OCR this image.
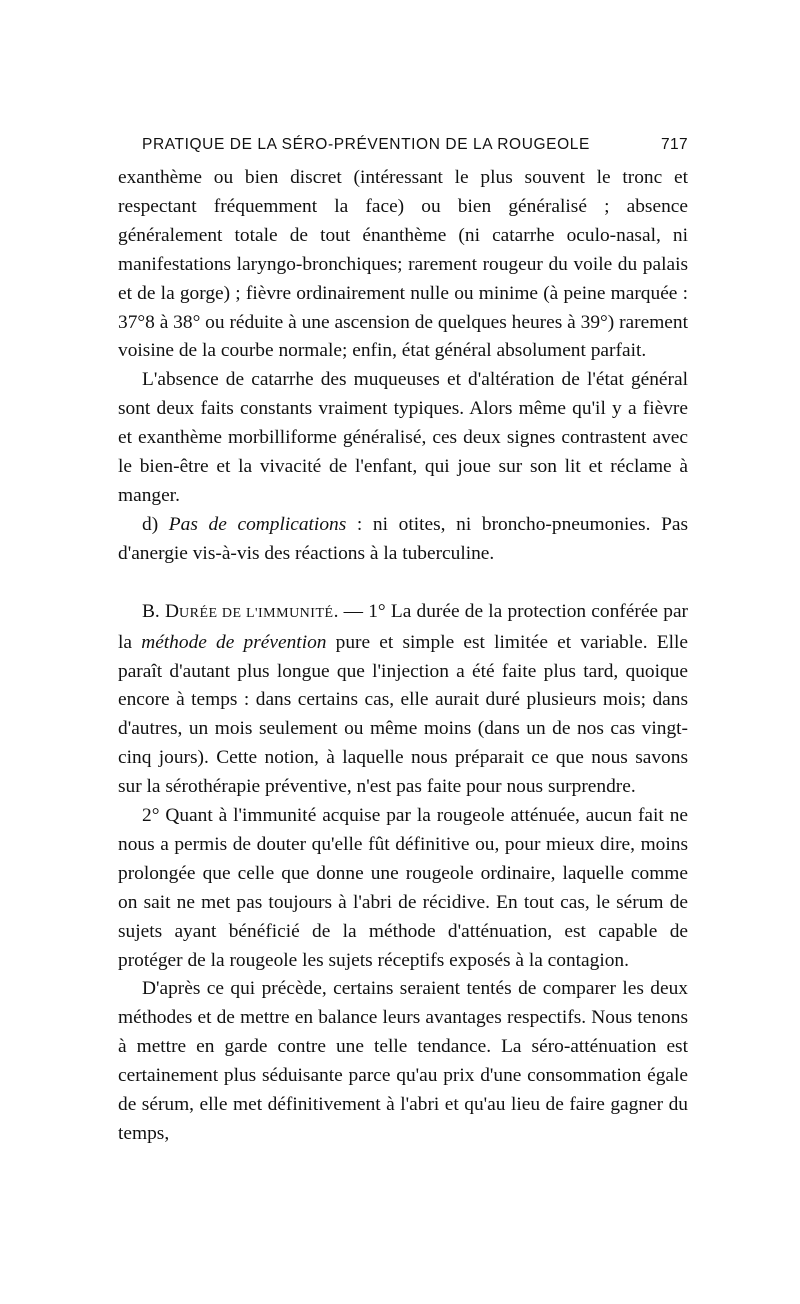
PRATIQUE DE LA SÉRO-PRÉVENTION DE LA ROUGEOLE	717

exanthème ou bien discret (intéressant le plus souvent le tronc et respectant fréquemment la face) ou bien généralisé ; absence généralement totale de tout énanthème (ni catarrhe oculo-nasal, ni manifestations laryngo-bronchiques; rarement rougeur du voile du palais et de la gorge) ; fièvre ordinairement nulle ou minime (à peine marquée : 37°8 à 38° ou réduite à une ascension de quelques heures à 39°) rarement voisine de la courbe normale; enfin, état général absolument parfait.

L'absence de catarrhe des muqueuses et d'altération de l'état général sont deux faits constants vraiment typiques. Alors même qu'il y a fièvre et exanthème morbilliforme généralisé, ces deux signes contrastent avec le bien-être et la vivacité de l'enfant, qui joue sur son lit et réclame à manger.

d) Pas de complications : ni otites, ni broncho-pneumonies. Pas d'anergie vis-à-vis des réactions à la tuberculine.

B. DURÉE DE L'IMMUNITÉ. — 1° La durée de la protection conférée par la méthode de prévention pure et simple est limitée et variable. Elle paraît d'autant plus longue que l'injection a été faite plus tard, quoique encore à temps : dans certains cas, elle aurait duré plusieurs mois; dans d'autres, un mois seulement ou même moins (dans un de nos cas vingt-cinq jours). Cette notion, à laquelle nous préparait ce que nous savons sur la sérothérapie préventive, n'est pas faite pour nous surprendre.

2° Quant à l'immunité acquise par la rougeole atténuée, aucun fait ne nous a permis de douter qu'elle fût définitive ou, pour mieux dire, moins prolongée que celle que donne une rougeole ordinaire, laquelle comme on sait ne met pas toujours à l'abri de récidive. En tout cas, le sérum de sujets ayant bénéficié de la méthode d'atténuation, est capable de protéger de la rougeole les sujets réceptifs exposés à la contagion.

D'après ce qui précède, certains seraient tentés de comparer les deux méthodes et de mettre en balance leurs avantages respectifs. Nous tenons à mettre en garde contre une telle tendance. La séro-atténuation est certainement plus séduisante parce qu'au prix d'une consommation égale de sérum, elle met définitivement à l'abri et qu'au lieu de faire gagner du temps,
